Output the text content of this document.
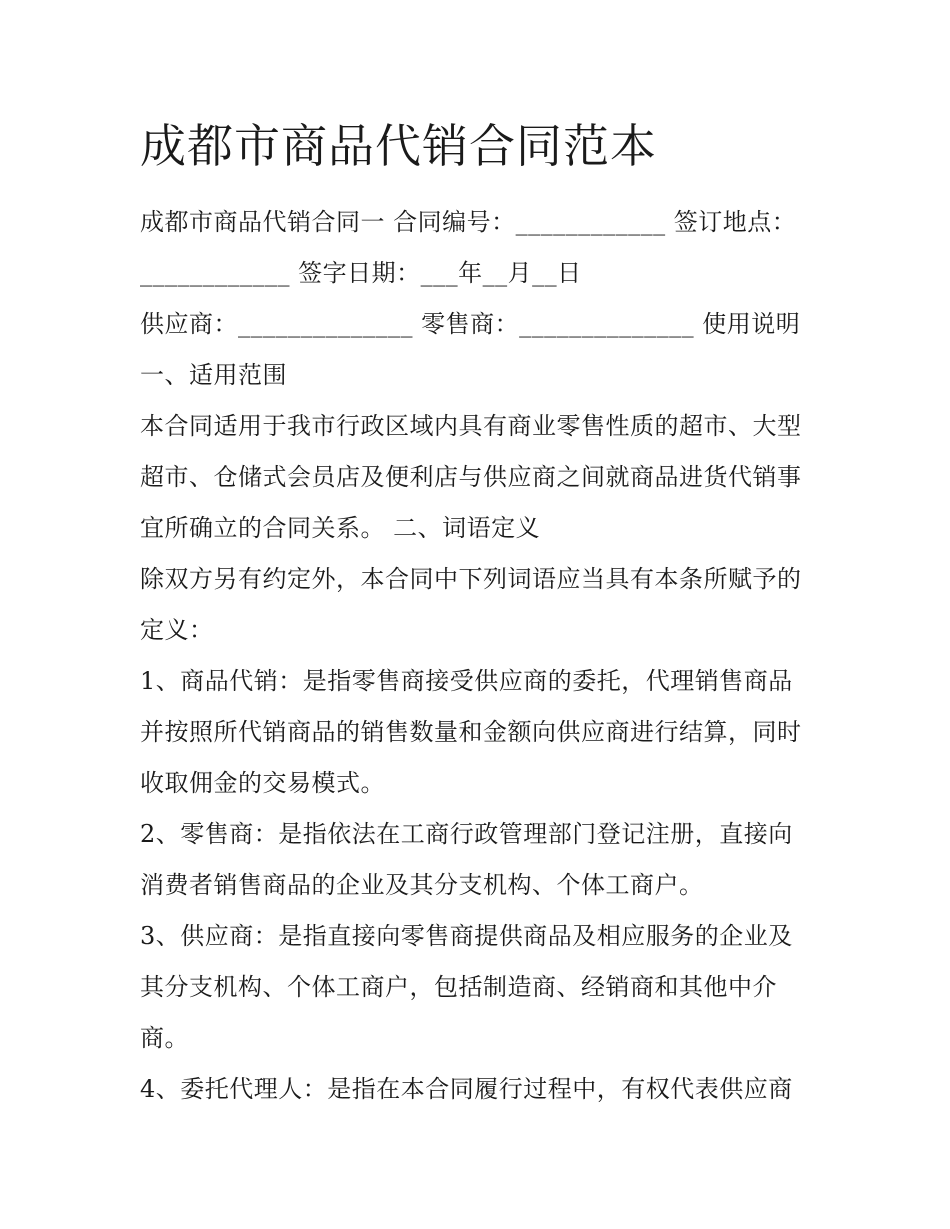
成都市商品代销合同范本
成都市商品代销合同一 合同编号：____________ 签订地点：
____________ 签字日期：___年__月__日
供应商：______________ 零售商：______________ 使用说明
一、适用范围
本合同适用于我市行政区域内具有商业零售性质的超市、大型
超市、仓储式会员店及便利店与供应商之间就商品进货代销事
宜所确立的合同关系。 二、词语定义
除双方另有约定外，本合同中下列词语应当具有本条所赋予的
定义：
1、商品代销：是指零售商接受供应商的委托，代理销售商品
并按照所代销商品的销售数量和金额向供应商进行结算，同时
收取佣金的交易模式。
2、零售商：是指依法在工商行政管理部门登记注册，直接向
消费者销售商品的企业及其分支机构、个体工商户。
3、供应商：是指直接向零售商提供商品及相应服务的企业及
其分支机构、个体工商户，包括制造商、经销商和其他中介
商。
4、委托代理人：是指在本合同履行过程中，有权代表供应商
